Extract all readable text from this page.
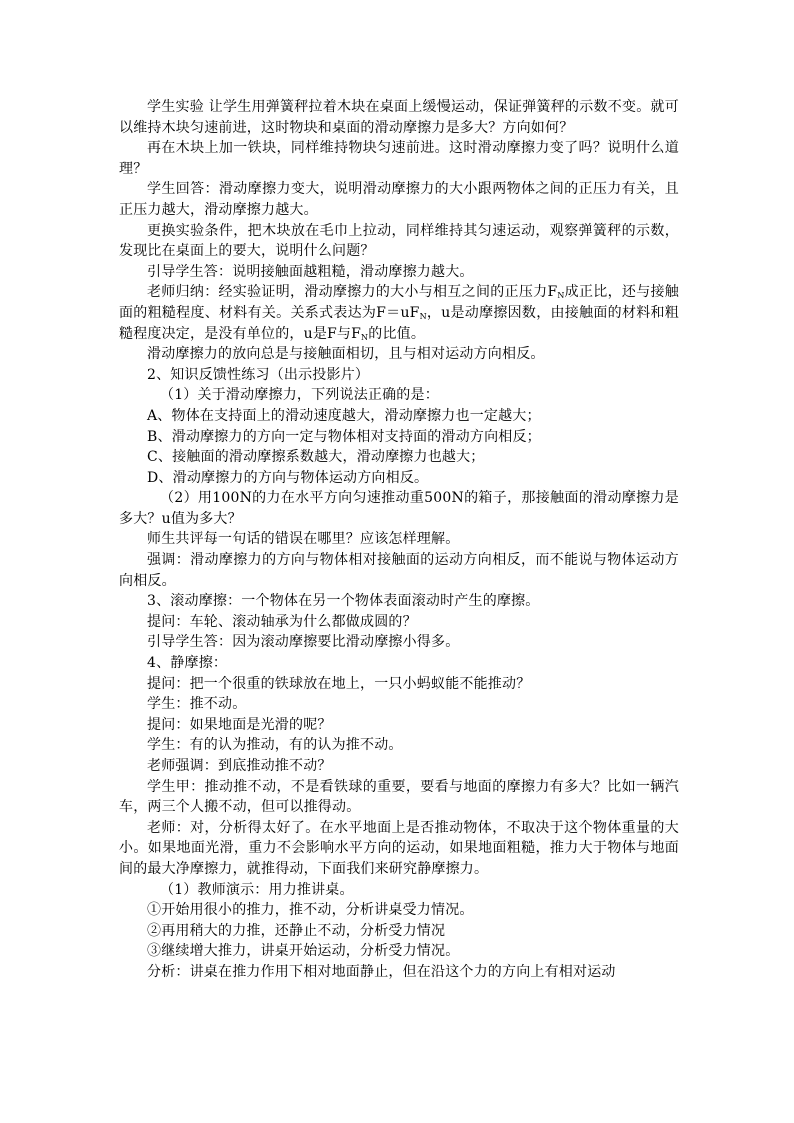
学生实验 让学生用弹簧秤拉着木块在桌面上缓慢运动，保证弹簧秤的示数不变。就可以维持木块匀速前进，这时物块和桌面的滑动摩擦力是多大？方向如何？

再在木块上加一铁块，同样维持物块匀速前进。这时滑动摩擦力变了吗？说明什么道理？

学生回答：滑动摩擦力变大，说明滑动摩擦力的大小跟两物体之间的正压力有关，且正压力越大，滑动摩擦力越大。

更换实验条件，把木块放在毛巾上拉动，同样维持其匀速运动，观察弹簧秤的示数，发现比在桌面上的要大，说明什么问题？

引导学生答：说明接触面越粗糙，滑动摩擦力越大。

老师归纳：经实验证明，滑动摩擦力的大小与相互之间的正压力$F_N$成正比，还与接触面的粗糙程度、材料有关。关系式表达为$F=uF_N$，u是动摩擦因数，由接触面的材料和粗糙程度决定，是没有单位的，u是F与$F_N$的比值。

滑动摩擦力的放向总是与接触面相切，且与相对运动方向相反。

2、知识反馈性练习（出示投影片）

（1）关于滑动摩擦力，下列说法正确的是：

A、物体在支持面上的滑动速度越大，滑动摩擦力也一定越大；

B、滑动摩擦力的方向一定与物体相对支持面的滑动方向相反；

C、接触面的滑动摩擦系数越大，滑动摩擦力也越大；

D、滑动摩擦力的方向与物体运动方向相反。

（2）用100N的力在水平方向匀速推动重500N的箱子，那接触面的滑动摩擦力是多大？u值为多大？

师生共评每一句话的错误在哪里？应该怎样理解。

强调：滑动摩擦力的方向与物体相对接触面的运动方向相反，而不能说与物体运动方向相反。

3、滚动摩擦：一个物体在另一个物体表面滚动时产生的摩擦。

提问：车轮、滚动轴承为什么都做成圆的？

引导学生答：因为滚动摩擦要比滑动摩擦小得多。

4、静摩擦：

提问：把一个很重的铁球放在地上，一只小蚂蚁能不能推动？

学生：推不动。

提问：如果地面是光滑的呢？

学生：有的认为推动，有的认为推不动。

老师强调：到底推动推不动？

学生甲：推动推不动，不是看铁球的重要，要看与地面的摩擦力有多大？比如一辆汽车，两三个人搬不动，但可以推得动。

老师：对，分析得太好了。在水平地面上是否推动物体，不取决于这个物体重量的大小。如果地面光滑，重力不会影响水平方向的运动，如果地面粗糙，推力大于物体与地面间的最大净摩擦力，就推得动，下面我们来研究静摩擦力。

（1）教师演示：用力推讲桌。

①开始用很小的推力，推不动，分析讲桌受力情况。

②再用稍大的力推，还静止不动，分析受力情况

③继续增大推力，讲桌开始运动，分析受力情况。

分析：讲桌在推力作用下相对地面静止，但在沿这个力的方向上有相对运动
